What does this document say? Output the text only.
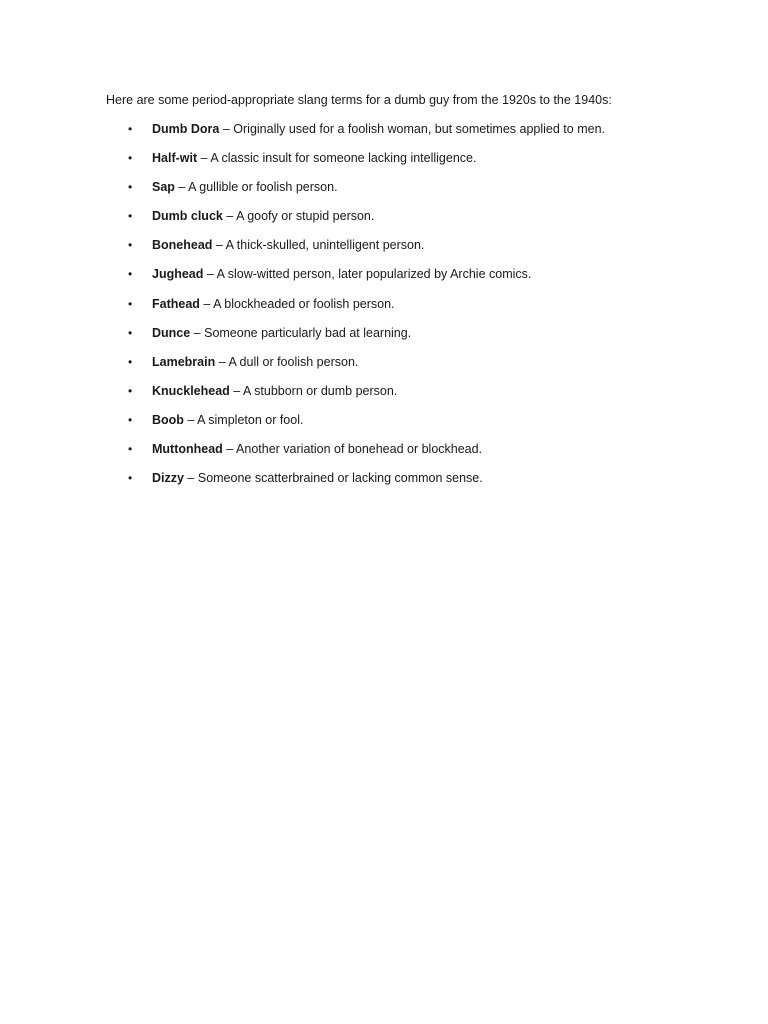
Here are some period-appropriate slang terms for a dumb guy from the 1920s to the 1940s:
• Dumb Dora – Originally used for a foolish woman, but sometimes applied to men.
• Half-wit – A classic insult for someone lacking intelligence.
• Sap – A gullible or foolish person.
• Dumb cluck – A goofy or stupid person.
• Bonehead – A thick-skulled, unintelligent person.
• Jughead – A slow-witted person, later popularized by Archie comics.
• Fathead – A blockheaded or foolish person.
• Dunce – Someone particularly bad at learning.
• Lamebrain – A dull or foolish person.
• Knucklehead – A stubborn or dumb person.
• Boob – A simpleton or fool.
• Muttonhead – Another variation of bonehead or blockhead.
• Dizzy – Someone scatterbrained or lacking common sense.
